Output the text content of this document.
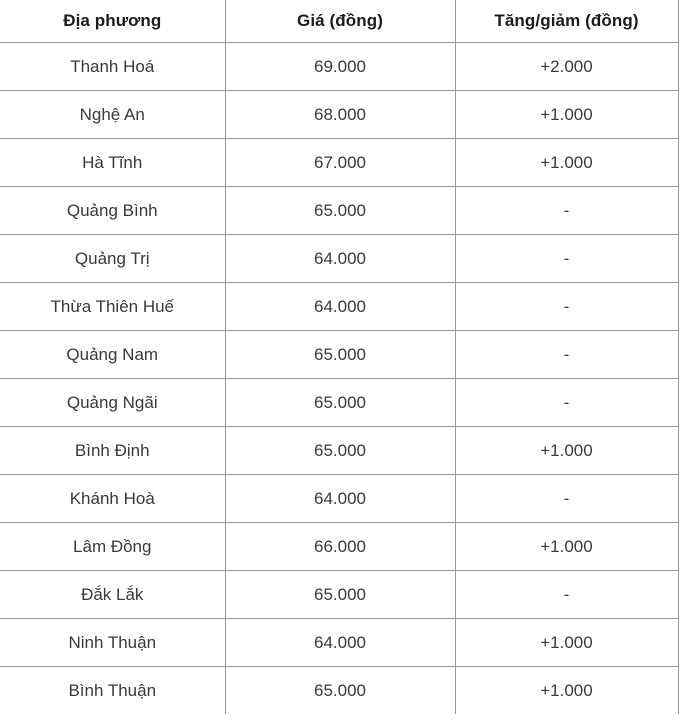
Địa phương	Giá (đồng)	Tăng/giảm (đồng)
Thanh Hoá	69.000	+2.000
Nghệ An	68.000	+1.000
Hà Tĩnh	67.000	+1.000
Quảng Bình	65.000	-
Quảng Trị	64.000	-
Thừa Thiên Huế	64.000	-
Quảng Nam	65.000	-
Quảng Ngãi	65.000	-
Bình Định	65.000	+1.000
Khánh Hoà	64.000	-
Lâm Đồng	66.000	+1.000
Đắk Lắk	65.000	-
Ninh Thuận	64.000	+1.000
Bình Thuận	65.000	+1.000
